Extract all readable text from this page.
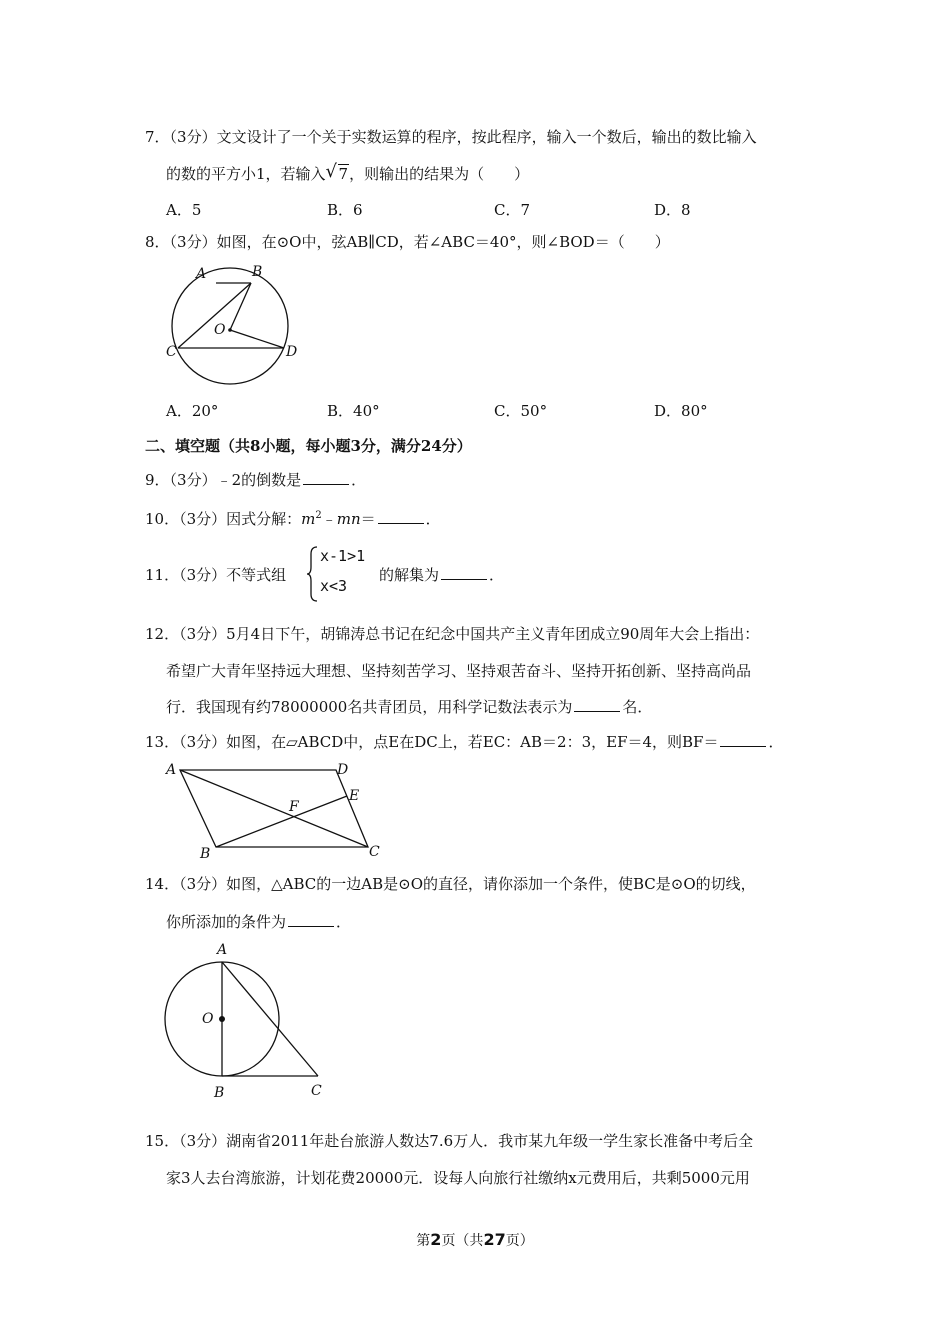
7．（3分）文文设计了一个关于实数运算的程序，按此程序，输入一个数后，输出的数比输入
的数的平方小1，若输入 √ 7，则输出的结果为（　　）
A．5	B．6	C．7	D．8
8．（3分）如图，在⊙O中，弦AB∥CD，若∠ABC＝40°，则∠BOD＝（　　）
A	B
O
C	D
A．20°	B．40°	C．50°	D．80°
二、填空题（共8小题，每小题3分，满分24分）
9．（3分）﹣2的倒数是	．
10．（3分）因式分解：$m^2﹣mn=$	．
11．（3分）不等式组
x-1>1
x<3
的解集为	．
12．（3分）5月4日下午，胡锦涛总书记在纪念中国共产主义青年团成立90周年大会上指出：
希望广大青年坚持远大理想、坚持刻苦学习、坚持艰苦奋斗、坚持开拓创新、坚持高尚品
行．我国现有约78000000名共青团员，用科学记数法表示为	名．
13．（3分）如图，在▱ABCD中，点E在DC上，若EC：AB＝2：3，EF＝4，则BF＝	．
A	D
E
F
B	C
14．（3分）如图，△ABC的一边AB是⊙O的直径，请你添加一个条件，使BC是⊙O的切线，
你所添加的条件为	．
A
O
B	C
15．（3分）湖南省2011年赴台旅游人数达7.6万人．我市某九年级一学生家长准备中考后全
家3人去台湾旅游，计划花费20000元．设每人向旅行社缴纳x元费用后，共剩5000元用
第2页（共27页）
